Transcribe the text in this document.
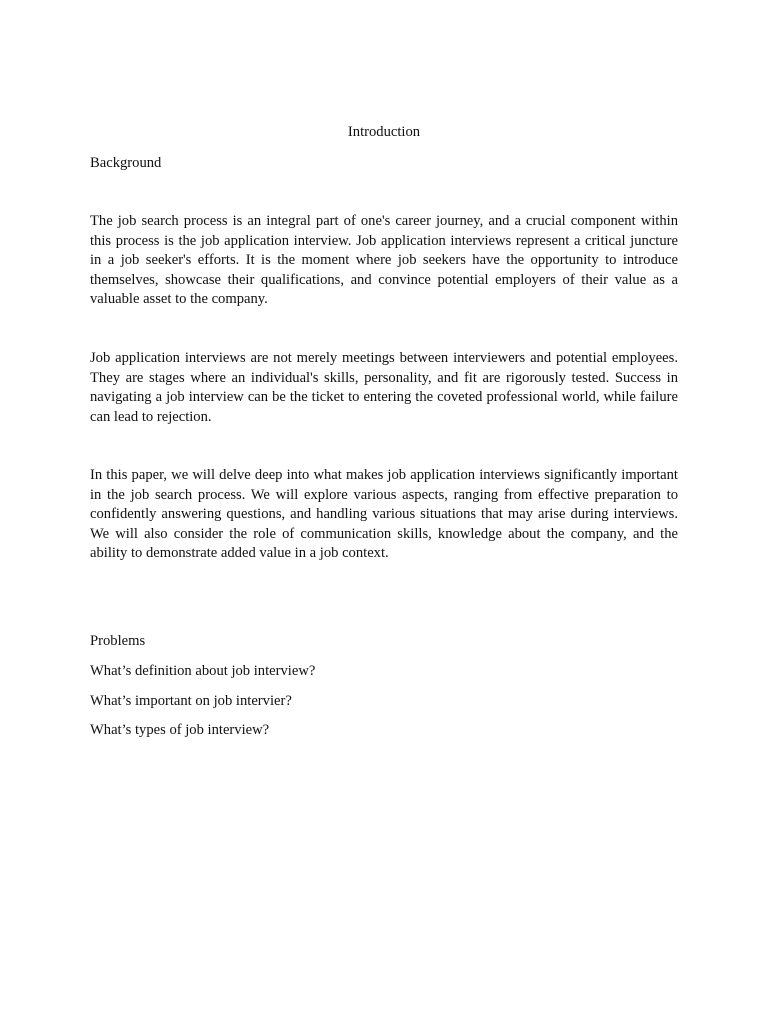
Introduction
Background

The job search process is an integral part of one's career journey, and a crucial component within this process is the job application interview. Job application interviews represent a critical juncture in a job seeker's efforts. It is the moment where job seekers have the opportunity to introduce themselves, showcase their qualifications, and convince potential employers of their value as a valuable asset to the company.

Job application interviews are not merely meetings between interviewers and potential employees. They are stages where an individual's skills, personality, and fit are rigorously tested. Success in navigating a job interview can be the ticket to entering the coveted professional world, while failure can lead to rejection.

In this paper, we will delve deep into what makes job application interviews significantly important in the job search process. We will explore various aspects, ranging from effective preparation to confidently answering questions, and handling various situations that may arise during interviews. We will also consider the role of communication skills, knowledge about the company, and the ability to demonstrate added value in a job context.

Problems

What’s definition about job interview?

What’s important on job intervier?

What’s types of job interview?
